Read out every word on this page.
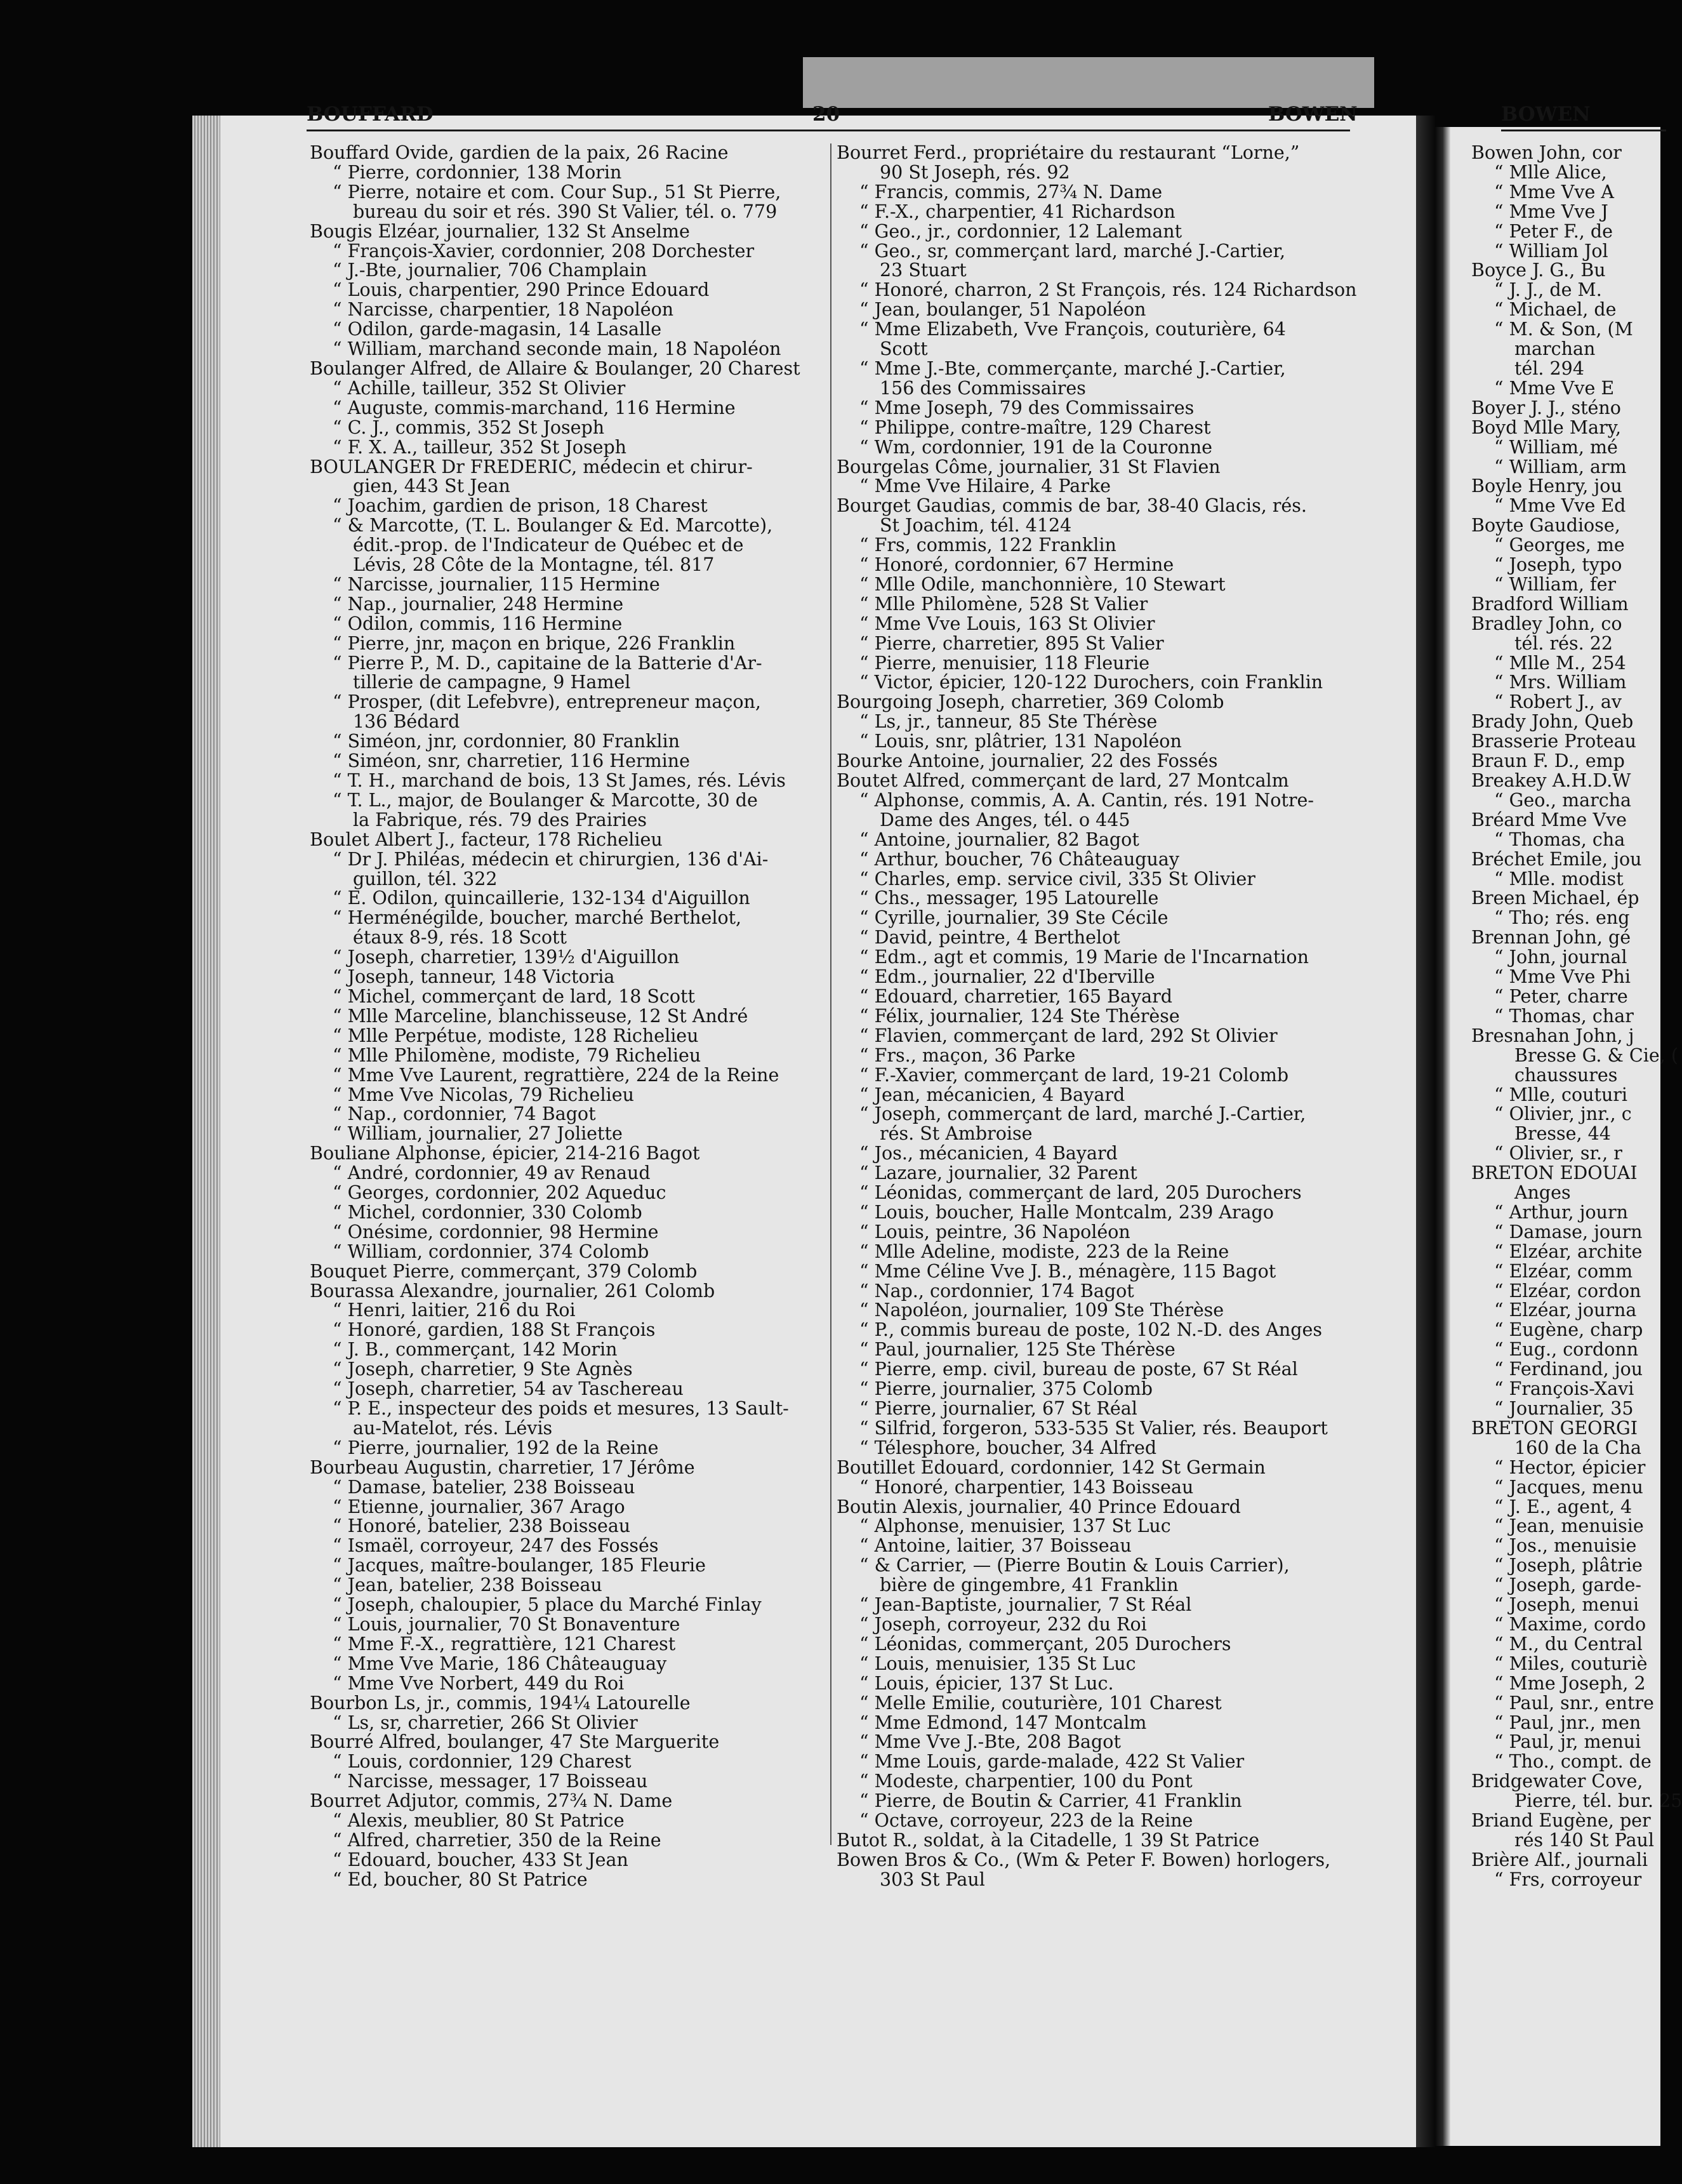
BOUFFARD	20	BOWEN	BOWEN
Bouffard Ovide, gardien de la paix, 26 Racine
“ Pierre, cordonnier, 138 Morin
“ Pierre, notaire et com. Cour Sup., 51 St Pierre,
bureau du soir et rés. 390 St Valier, tél. o. 779
Bougis Elzéar, journalier, 132 St Anselme
“ François-Xavier, cordonnier, 208 Dorchester
“ J.-Bte, journalier, 706 Champlain
“ Louis, charpentier, 290 Prince Edouard
“ Narcisse, charpentier, 18 Napoléon
“ Odilon, garde-magasin, 14 Lasalle
“ William, marchand seconde main, 18 Napoléon
Boulanger Alfred, de Allaire & Boulanger, 20 Charest
“ Achille, tailleur, 352 St Olivier
“ Auguste, commis-marchand, 116 Hermine
“ C. J., commis, 352 St Joseph
“ F. X. A., tailleur, 352 St Joseph
BOULANGER Dr FREDERIC, médecin et chirur-
gien, 443 St Jean
“ Joachim, gardien de prison, 18 Charest
“ & Marcotte, (T. L. Boulanger & Ed. Marcotte),
édit.-prop. de l'Indicateur de Québec et de
Lévis, 28 Côte de la Montagne, tél. 817
“ Narcisse, journalier, 115 Hermine
“ Nap., journalier, 248 Hermine
“ Odilon, commis, 116 Hermine
“ Pierre, jnr, maçon en brique, 226 Franklin
“ Pierre P., M. D., capitaine de la Batterie d'Ar-
tillerie de campagne, 9 Hamel
“ Prosper, (dit Lefebvre), entrepreneur maçon,
136 Bédard
“ Siméon, jnr, cordonnier, 80 Franklin
“ Siméon, snr, charretier, 116 Hermine
“ T. H., marchand de bois, 13 St James, rés. Lévis
“ T. L., major, de Boulanger & Marcotte, 30 de
la Fabrique, rés. 79 des Prairies
Boulet Albert J., facteur, 178 Richelieu
“ Dr J. Philéas, médecin et chirurgien, 136 d'Ai-
guillon, tél. 322
“ E. Odilon, quincaillerie, 132-134 d'Aiguillon
“ Herménégilde, boucher, marché Berthelot,
étaux 8-9, rés. 18 Scott
“ Joseph, charretier, 139½ d'Aiguillon
“ Joseph, tanneur, 148 Victoria
“ Michel, commerçant de lard, 18 Scott
“ Mlle Marceline, blanchisseuse, 12 St André
“ Mlle Perpétue, modiste, 128 Richelieu
“ Mlle Philomène, modiste, 79 Richelieu
“ Mme Vve Laurent, regrattière, 224 de la Reine
“ Mme Vve Nicolas, 79 Richelieu
“ Nap., cordonnier, 74 Bagot
“ William, journalier, 27 Joliette
Bouliane Alphonse, épicier, 214-216 Bagot
“ André, cordonnier, 49 av Renaud
“ Georges, cordonnier, 202 Aqueduc
“ Michel, cordonnier, 330 Colomb
“ Onésime, cordonnier, 98 Hermine
“ William, cordonnier, 374 Colomb
Bouquet Pierre, commerçant, 379 Colomb
Bourassa Alexandre, journalier, 261 Colomb
“ Henri, laitier, 216 du Roi
“ Honoré, gardien, 188 St François
“ J. B., commerçant, 142 Morin
“ Joseph, charretier, 9 Ste Agnès
“ Joseph, charretier, 54 av Taschereau
“ P. E., inspecteur des poids et mesures, 13 Sault-
au-Matelot, rés. Lévis
“ Pierre, journalier, 192 de la Reine
Bourbeau Augustin, charretier, 17 Jérôme
“ Damase, batelier, 238 Boisseau
“ Etienne, journalier, 367 Arago
“ Honoré, batelier, 238 Boisseau
“ Ismaël, corroyeur, 247 des Fossés
“ Jacques, maître-boulanger, 185 Fleurie
“ Jean, batelier, 238 Boisseau
“ Joseph, chaloupier, 5 place du Marché Finlay
“ Louis, journalier, 70 St Bonaventure
“ Mme F.-X., regrattière, 121 Charest
“ Mme Vve Marie, 186 Châteauguay
“ Mme Vve Norbert, 449 du Roi
Bourbon Ls, jr., commis, 194¼ Latourelle
“ Ls, sr, charretier, 266 St Olivier
Bourré Alfred, boulanger, 47 Ste Marguerite
“ Louis, cordonnier, 129 Charest
“ Narcisse, messager, 17 Boisseau
Bourret Adjutor, commis, 27¾ N. Dame
“ Alexis, meublier, 80 St Patrice
“ Alfred, charretier, 350 de la Reine
“ Edouard, boucher, 433 St Jean
“ Ed, boucher, 80 St Patrice
Bourret Ferd., propriétaire du restaurant “Lorne,”
90 St Joseph, rés. 92
“ Francis, commis, 27¾ N. Dame
“ F.-X., charpentier, 41 Richardson
“ Geo., jr., cordonnier, 12 Lalemant
“ Geo., sr, commerçant lard, marché J.-Cartier,
23 Stuart
“ Honoré, charron, 2 St François, rés. 124 Richardson
“ Jean, boulanger, 51 Napoléon
“ Mme Elizabeth, Vve François, couturière, 64
Scott
“ Mme J.-Bte, commerçante, marché J.-Cartier,
156 des Commissaires
“ Mme Joseph, 79 des Commissaires
“ Philippe, contre-maître, 129 Charest
“ Wm, cordonnier, 191 de la Couronne
Bourgelas Côme, journalier, 31 St Flavien
“ Mme Vve Hilaire, 4 Parke
Bourget Gaudias, commis de bar, 38-40 Glacis, rés.
St Joachim, tél. 4124
“ Frs, commis, 122 Franklin
“ Honoré, cordonnier, 67 Hermine
“ Mlle Odile, manchonnière, 10 Stewart
“ Mlle Philomène, 528 St Valier
“ Mme Vve Louis, 163 St Olivier
“ Pierre, charretier, 895 St Valier
“ Pierre, menuisier, 118 Fleurie
“ Victor, épicier, 120-122 Durochers, coin Franklin
Bourgoing Joseph, charretier, 369 Colomb
“ Ls, jr., tanneur, 85 Ste Thérèse
“ Louis, snr, plâtrier, 131 Napoléon
Bourke Antoine, journalier, 22 des Fossés
Boutet Alfred, commerçant de lard, 27 Montcalm
“ Alphonse, commis, A. A. Cantin, rés. 191 Notre-
Dame des Anges, tél. o 445
“ Antoine, journalier, 82 Bagot
“ Arthur, boucher, 76 Châteauguay
“ Charles, emp. service civil, 335 St Olivier
“ Chs., messager, 195 Latourelle
“ Cyrille, journalier, 39 Ste Cécile
“ David, peintre, 4 Berthelot
“ Edm., agt et commis, 19 Marie de l'Incarnation
“ Edm., journalier, 22 d'Iberville
“ Edouard, charretier, 165 Bayard
“ Félix, journalier, 124 Ste Thérèse
“ Flavien, commerçant de lard, 292 St Olivier
“ Frs., maçon, 36 Parke
“ F.-Xavier, commerçant de lard, 19-21 Colomb
“ Jean, mécanicien, 4 Bayard
“ Joseph, commerçant de lard, marché J.-Cartier,
rés. St Ambroise
“ Jos., mécanicien, 4 Bayard
“ Lazare, journalier, 32 Parent
“ Léonidas, commerçant de lard, 205 Durochers
“ Louis, boucher, Halle Montcalm, 239 Arago
“ Louis, peintre, 36 Napoléon
“ Mlle Adeline, modiste, 223 de la Reine
“ Mme Céline Vve J. B., ménagère, 115 Bagot
“ Nap., cordonnier, 174 Bagot
“ Napoléon, journalier, 109 Ste Thérèse
“ P., commis bureau de poste, 102 N.-D. des Anges
“ Paul, journalier, 125 Ste Thérèse
“ Pierre, emp. civil, bureau de poste, 67 St Réal
“ Pierre, journalier, 375 Colomb
“ Pierre, journalier, 67 St Réal
“ Silfrid, forgeron, 533-535 St Valier, rés. Beauport
“ Télesphore, boucher, 34 Alfred
Boutillet Edouard, cordonnier, 142 St Germain
“ Honoré, charpentier, 143 Boisseau
Boutin Alexis, journalier, 40 Prince Edouard
“ Alphonse, menuisier, 137 St Luc
“ Antoine, laitier, 37 Boisseau
“ & Carrier, — (Pierre Boutin & Louis Carrier),
bière de gingembre, 41 Franklin
“ Jean-Baptiste, journalier, 7 St Réal
“ Joseph, corroyeur, 232 du Roi
“ Léonidas, commerçant, 205 Durochers
“ Louis, menuisier, 135 St Luc
“ Louis, épicier, 137 St Luc.
“ Melle Emilie, couturière, 101 Charest
“ Mme Edmond, 147 Montcalm
“ Mme Vve J.-Bte, 208 Bagot
“ Mme Louis, garde-malade, 422 St Valier
“ Modeste, charpentier, 100 du Pont
“ Pierre, de Boutin & Carrier, 41 Franklin
“ Octave, corroyeur, 223 de la Reine
Butot R., soldat, à la Citadelle, 1 39 St Patrice
Bowen Bros & Co., (Wm & Peter F. Bowen) horlogers,
303 St Paul
Bowen John, cor
“ Mlle Alice,
“ Mme Vve A
“ Mme Vve J
“ Peter F., de
“ William Jol
Boyce J. G., Bu
“ J. J., de M.
“ Michael, de
“ M. & Son, (M
marchan
tél. 294
“ Mme Vve E
Boyer J. J., sténo
Boyd Mlle Mary,
“ William, mé
“ William, arm
Boyle Henry, jou
“ Mme Vve Ed
Boyte Gaudiose,
“ Georges, me
“ Joseph, typo
“ William, fer
Bradford William
Bradley John, co
tél. rés. 22
“ Mlle M., 254
“ Mrs. William
“ Robert J., av
Brady John, Queb
Brasserie Proteau
Braun F. D., emp
Breakey A.H.D.W
“ Geo., marcha
Bréard Mme Vve
“ Thomas, cha
Bréchet Emile, jou
“ Mlle. modist
Breen Michael, ép
“ Tho; rés. eng
Brennan John, gé
“ John, journal
“ Mme Vve Phi
“ Peter, charre
“ Thomas, char
Bresnahan John, j
Bresse G. & Cie, (
chaussures
“ Mlle, couturi
“ Olivier, jnr., c
Bresse, 44
“ Olivier, sr., r
BRETON EDOUAI
Anges
“ Arthur, journ
“ Damase, journ
“ Elzéar, archite
“ Elzéar, comm
“ Elzéar, cordon
“ Elzéar, journa
“ Eugène, charp
“ Eug., cordonn
“ Ferdinand, jou
“ François-Xavi
“ Journalier, 35
BRETON GEORGI
160 de la Cha
“ Hector, épicier
“ Jacques, menu
“ J. E., agent, 4
“ Jean, menuisie
“ Jos., menuisie
“ Joseph, plâtrie
“ Joseph, garde-
“ Joseph, menui
“ Maxime, cordo
“ M., du Central
“ Miles, couturiè
“ Mme Joseph, 2
“ Paul, snr., entre
“ Paul, jnr., men
“ Paul, jr, menui
“ Tho., compt. de
Bridgewater Cove,
Pierre, tél. bur. 25
Briand Eugène, per
rés 140 St Paul
Brière Alf., journali
“ Frs, corroyeur
